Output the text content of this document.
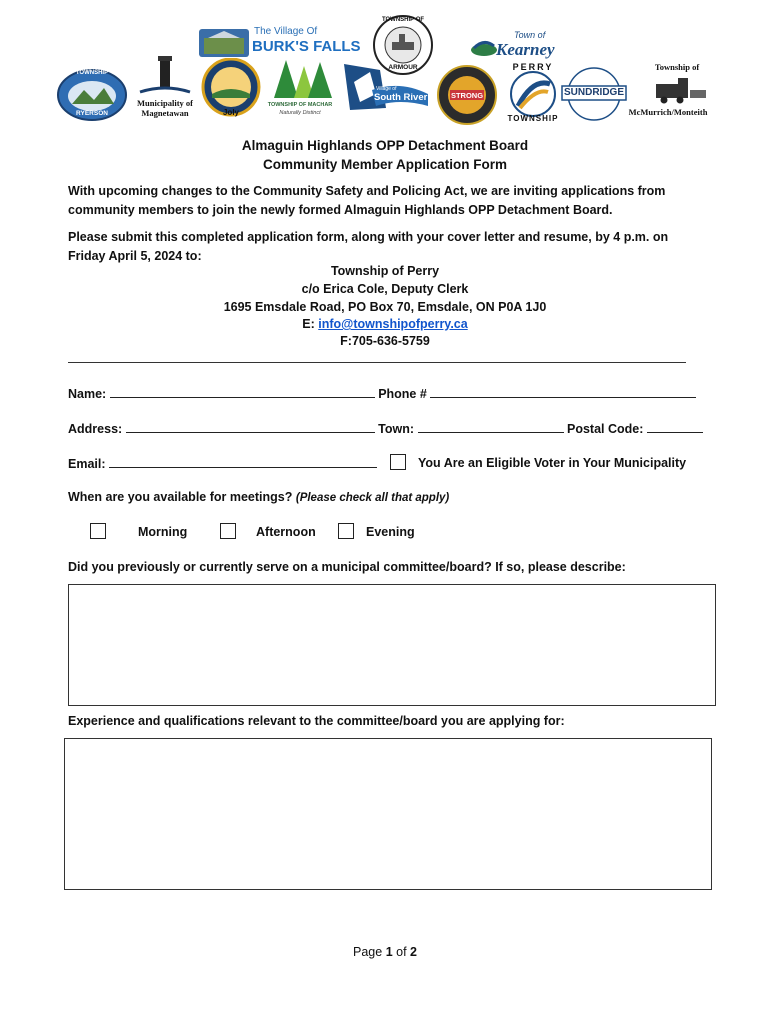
The Village Of
BURK'S FALLS
TOWNSHIP OF
ARMOUR
Town of
Kearney
TOWNSHIP
RYERSON
Municipality of
Magnetawan	Joly
TOWNSHIP OF MACHAR
Naturally Distinct
Village of
South River	STRONG
PERRY
TOWNSHIP
SUNDRIDGE
Township of
McMurrich/Monteith
Almaguin Highlands OPP Detachment Board
Community Member Application Form
With upcoming changes to the Community Safety and Policing Act, we are inviting applications from
community members to join the newly formed Almaguin Highlands OPP Detachment Board.
Please submit this completed application form, along with your cover letter and resume, by 4 p.m. on
Friday April 5, 2024 to:
Township of Perry
c/o Erica Cole, Deputy Clerk
1695 Emsdale Road, PO Box 70, Emsdale, ON P0A 1J0
E: info@townshipofperry.ca
F:705-636-5759
Name:	Phone #
Address:	Town:	Postal Code:
Email:	You Are an Eligible Voter in Your Municipality
When are you available for meetings? (Please check all that apply)
Morning	Afternoon	Evening
Did you previously or currently serve on a municipal committee/board? If so, please describe:
Experience and qualifications relevant to the committee/board you are applying for:
Page 1 of 2
